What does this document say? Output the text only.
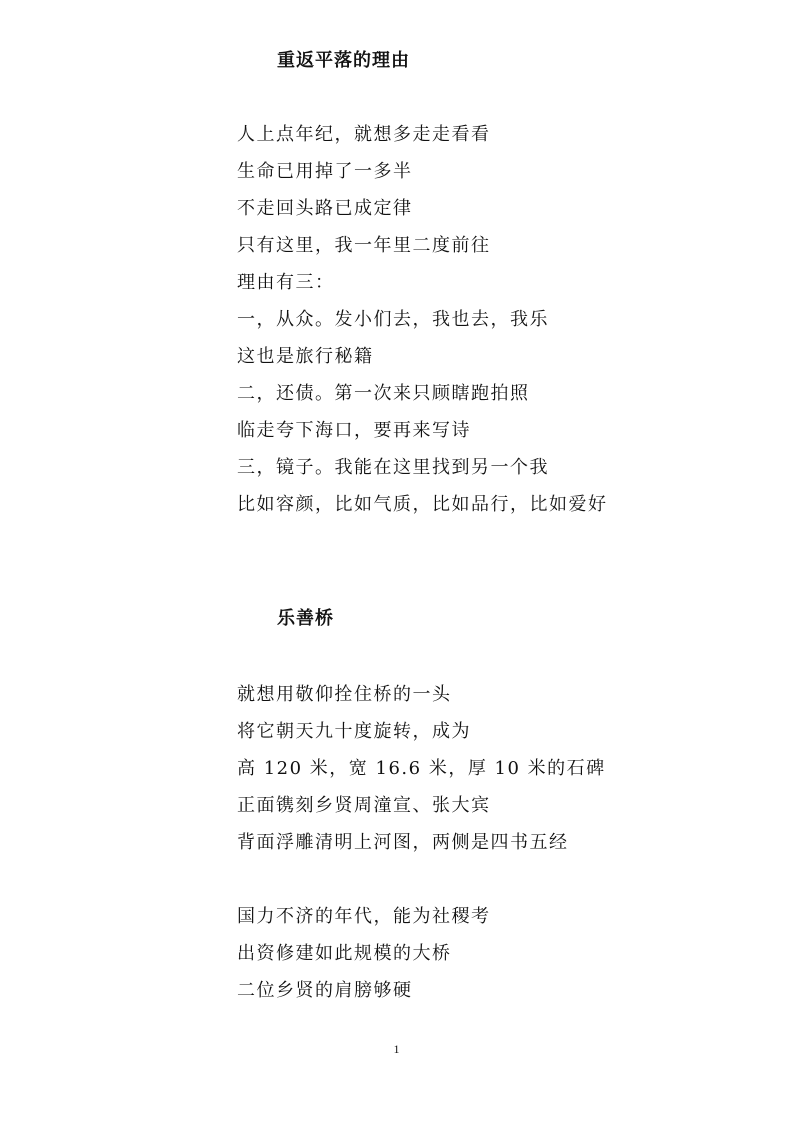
重返平落的理由
人上点年纪，就想多走走看看
生命已用掉了一多半
不走回头路已成定律
只有这里，我一年里二度前往
理由有三：
一，从众。发小们去，我也去，我乐
这也是旅行秘籍
二，还债。第一次来只顾瞎跑拍照
临走夸下海口，要再来写诗
三，镜子。我能在这里找到另一个我
比如容颜，比如气质，比如品行，比如爱好
乐善桥
就想用敬仰拴住桥的一头
将它朝天九十度旋转，成为
高 120 米，宽 16.6 米，厚 10 米的石碑
正面镌刻乡贤周潼宣、张大宾
背面浮雕清明上河图，两侧是四书五经
国力不济的年代，能为社稷考
出资修建如此规模的大桥
二位乡贤的肩膀够硬
1
